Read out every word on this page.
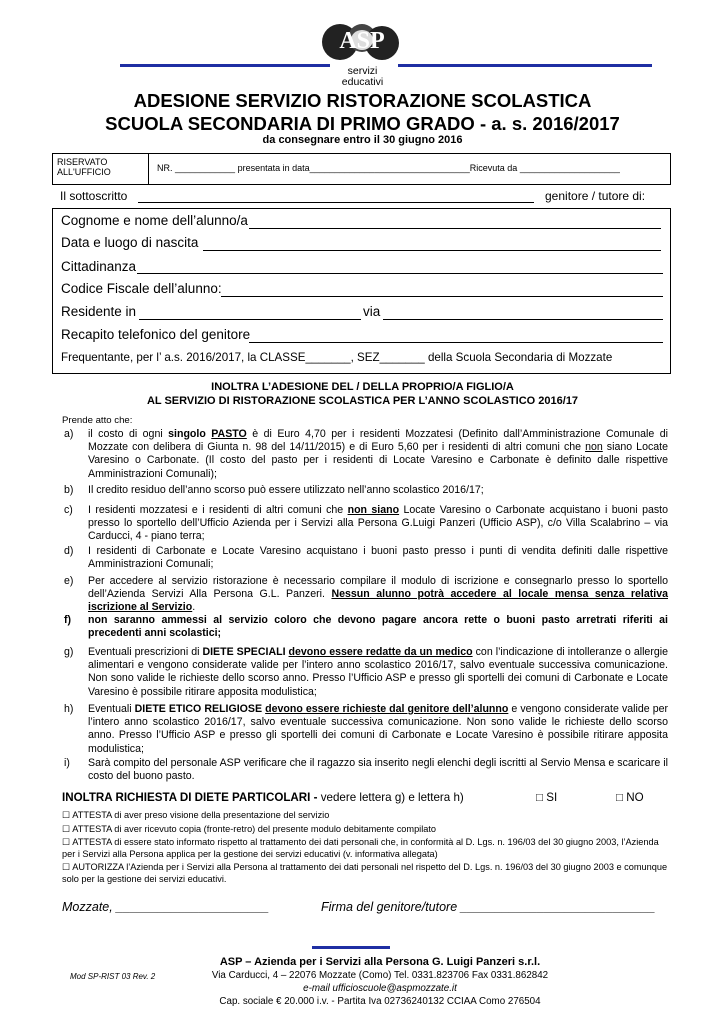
ASP
servizi
educativi
ADESIONE SERVIZIO RISTORAZIONE SCOLASTICA
SCUOLA SECONDARIA DI PRIMO GRADO - a. s. 2016/2017
da consegnare entro il 30 giugno 2016
RISERVATO
ALL'UFFICIO	NR. ____________ presentata in data________________________________Ricevuta da ____________________
Il sottoscritto	genitore / tutore di:
Cognome e nome dell’alunno/a
Data e luogo di nascita
Cittadinanza
Codice Fiscale dell’alunno:
Residente in	via
Recapito telefonico del genitore
Frequentante, per l’ a.s. 2016/2017, la CLASSE_______, SEZ_______ della Scuola Secondaria di Mozzate
INOLTRA L’ADESIONE DEL / DELLA PROPRIO/A FIGLIO/A
AL SERVIZIO DI RISTORAZIONE SCOLASTICA PER L’ANNO SCOLASTICO 2016/17
Prende atto che:
a) il costo di ogni singolo PASTO è di Euro 4,70 per i residenti Mozzatesi (Definito dall’Amministrazione Comunale di Mozzate con delibera di Giunta n. 98 del 14/11/2015) e di Euro 5,60 per i residenti di altri comuni che non siano Locate Varesino o Carbonate. (Il costo del pasto per i residenti di Locate Varesino e Carbonate è definito dalle rispettive Amministrazioni Comunali);
b) Il credito residuo dell’anno scorso può essere utilizzato nell’anno scolastico 2016/17;
c) I residenti mozzatesi e i residenti di altri comuni che non siano Locate Varesino o Carbonate acquistano i buoni pasto presso lo sportello dell’Ufficio Azienda per i Servizi alla Persona G.Luigi Panzeri (Ufficio ASP), c/o Villa Scalabrino – via Carducci, 4 - piano terra;
d) I residenti di Carbonate e Locate Varesino acquistano i buoni pasto presso i punti di vendita definiti dalle rispettive Amministrazioni Comunali;
e) Per accedere al servizio ristorazione è necessario compilare il modulo di iscrizione e consegnarlo presso lo sportello dell’Azienda Servizi Alla Persona G.L. Panzeri. Nessun alunno potrà accedere al locale mensa senza relativa iscrizione al Servizio.
f) non saranno ammessi al servizio coloro che devono pagare ancora rette o buoni pasto arretrati riferiti ai precedenti anni scolastici;
g) Eventuali prescrizioni di DIETE SPECIALI devono essere redatte da un medico con l’indicazione di intolleranze o allergie alimentari e vengono considerate valide per l’intero anno scolastico 2016/17, salvo eventuale successiva comunicazione. Non sono valide le richieste dello scorso anno. Presso l’Ufficio ASP e presso gli sportelli dei comuni di Carbonate e Locate Varesino è possibile ritirare apposita modulistica;
h) Eventuali DIETE ETICO RELIGIOSE devono essere richieste dal genitore dell’alunno e vengono considerate valide per l’intero anno scolastico 2016/17, salvo eventuale successiva comunicazione. Non sono valide le richieste dello scorso anno. Presso l’Ufficio ASP e presso gli sportelli dei comuni di Carbonate e Locate Varesino è possibile ritirare apposita modulistica;
i) Sarà compito del personale ASP verificare che il ragazzo sia inserito negli elenchi degli iscritti al Servio Mensa e scaricare il costo del buono pasto.
INOLTRA RICHIESTA DI DIETE PARTICOLARI - vedere lettera g) e lettera h)	□ SI	□ NO
☐ ATTESTA di aver preso visione della presentazione del servizio
☐ ATTESTA di aver ricevuto copia (fronte-retro) del presente modulo debitamente compilato
☐ ATTESTA di essere stato informato rispetto al trattamento dei dati personali che, in conformità al D. Lgs. n. 196/03 del 30 giugno 2003, l’Azienda per i Servizi alla Persona applica per la gestione dei servizi educativi (v. informativa allegata)
☐ AUTORIZZA l’Azienda per i Servizi alla Persona al trattamento dei dati personali nel rispetto del D. Lgs. n. 196/03 del 30 giugno 2003 e comunque solo per la gestione dei servizi educativi.
Mozzate, ______________________	Firma del genitore/tutore ____________________________
ASP – Azienda per i Servizi alla Persona G. Luigi Panzeri s.r.l.
Via Carducci, 4 – 22076 Mozzate (Como) Tel. 0331.823706 Fax 0331.862842
e-mail ufficioscuole@aspmozzate.it
Cap. sociale € 20.000 i.v. - Partita Iva 02736240132 CCIAA Como 276504
Mod SP-RIST 03 Rev. 2
